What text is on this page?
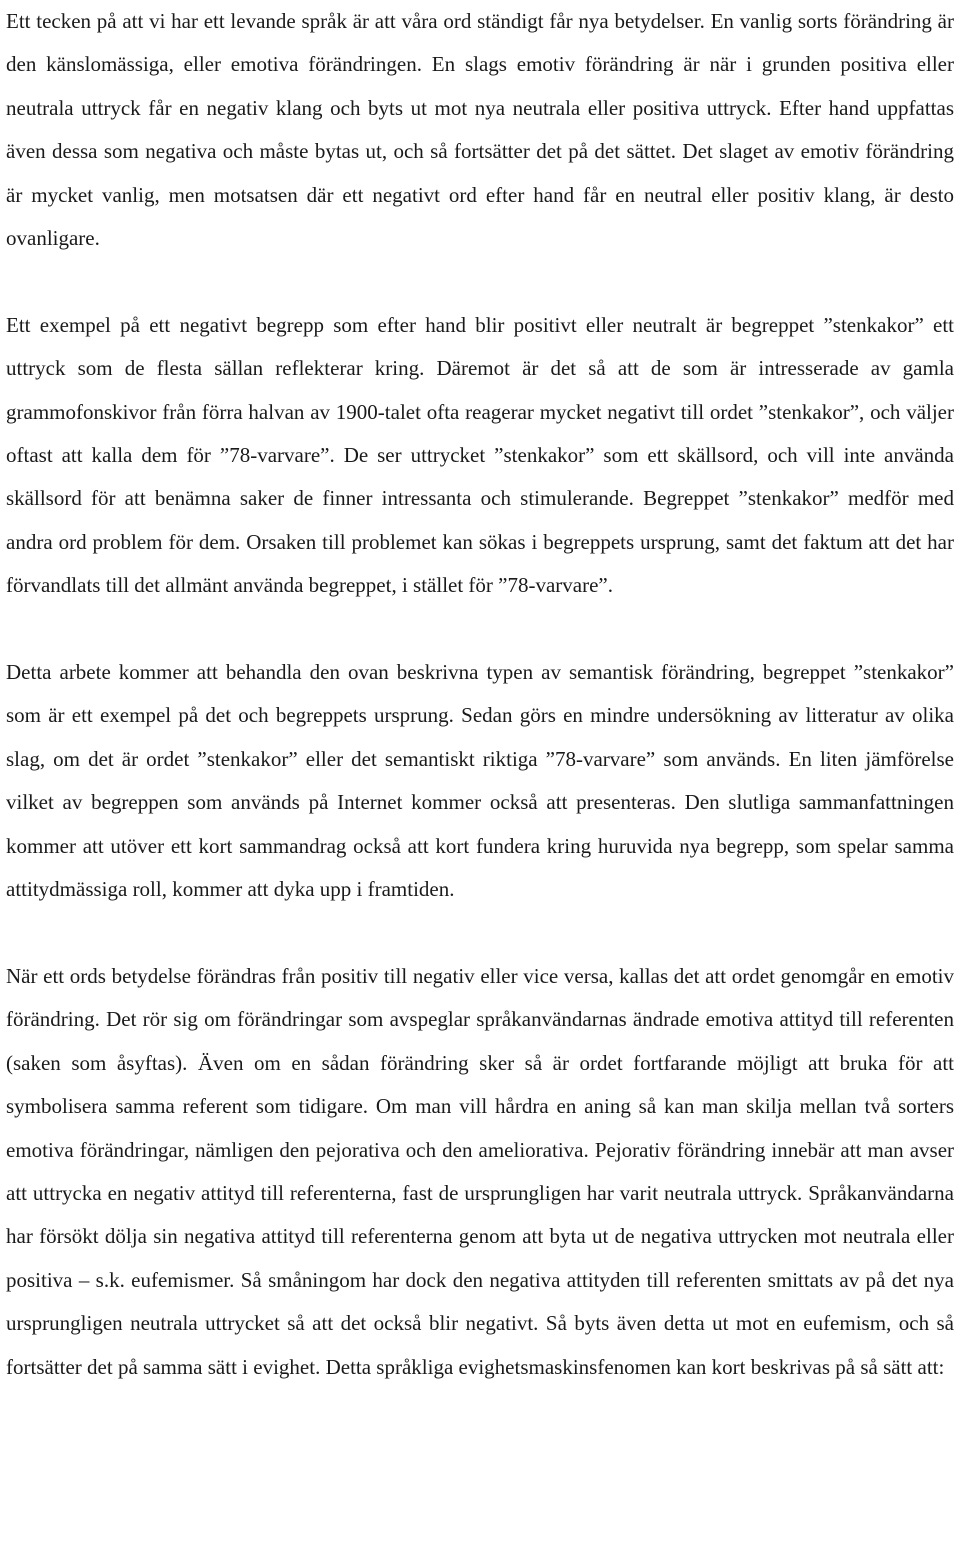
Ett tecken på att vi har ett levande språk är att våra ord ständigt får nya betydelser. En vanlig sorts förändring är den känslomässiga, eller emotiva förändringen. En slags emotiv förändring är när i grunden positiva eller neutrala uttryck får en negativ klang och byts ut mot nya neutrala eller positiva uttryck. Efter hand uppfattas även dessa som negativa och måste bytas ut, och så fortsätter det på det sättet. Det slaget av emotiv förändring är mycket vanlig, men motsatsen där ett negativt ord efter hand får en neutral eller positiv klang, är desto ovanligare.

Ett exempel på ett negativt begrepp som efter hand blir positivt eller neutralt är begreppet ”stenkakor” ett uttryck som de flesta sällan reflekterar kring. Däremot är det så att de som är intresserade av gamla grammofonskivor från förra halvan av 1900-talet ofta reagerar mycket negativt till ordet ”stenkakor”, och väljer oftast att kalla dem för ”78-varvare”. De ser uttrycket ”stenkakor” som ett skällsord, och vill inte använda skällsord för att benämna saker de finner intressanta och stimulerande. Begreppet ”stenkakor” medför med andra ord problem för dem. Orsaken till problemet kan sökas i begreppets ursprung, samt det faktum att det har förvandlats till det allmänt använda begreppet, i stället för ”78-varvare”.

Detta arbete kommer att behandla den ovan beskrivna typen av semantisk förändring, begreppet ”stenkakor” som är ett exempel på det och begreppets ursprung. Sedan görs en mindre undersökning av litteratur av olika slag, om det är ordet ”stenkakor” eller det semantiskt riktiga ”78-varvare” som används. En liten jämförelse vilket av begreppen som används på Internet kommer också att presenteras. Den slutliga sammanfattningen kommer att utöver ett kort sammandrag också att kort fundera kring huruvida nya begrepp, som spelar samma attitydmässiga roll, kommer att dyka upp i framtiden.

När ett ords betydelse förändras från positiv till negativ eller vice versa, kallas det att ordet genomgår en emotiv förändring. Det rör sig om förändringar som avspeglar språkanvändarnas ändrade emotiva attityd till referenten (saken som åsyftas). Även om en sådan förändring sker så är ordet fortfarande möjligt att bruka för att symbolisera samma referent som tidigare. Om man vill hårdra en aning så kan man skilja mellan två sorters emotiva förändringar, nämligen den pejorativa och den ameliorativa. Pejorativ förändring innebär att man avser att uttrycka en negativ attityd till referenterna, fast de ursprungligen har varit neutrala uttryck. Språkanvändarna har försökt dölja sin negativa attityd till referenterna genom att byta ut de negativa uttrycken mot neutrala eller positiva – s.k. eufemismer. Så småningom har dock den negativa attityden till referenten smittats av på det nya ursprungligen neutrala uttrycket så att det också blir negativt. Så byts även detta ut mot en eufemism, och så fortsätter det på samma sätt i evighet. Detta språkliga evighetsmaskinsfenomen kan kort beskrivas på så sätt att:
